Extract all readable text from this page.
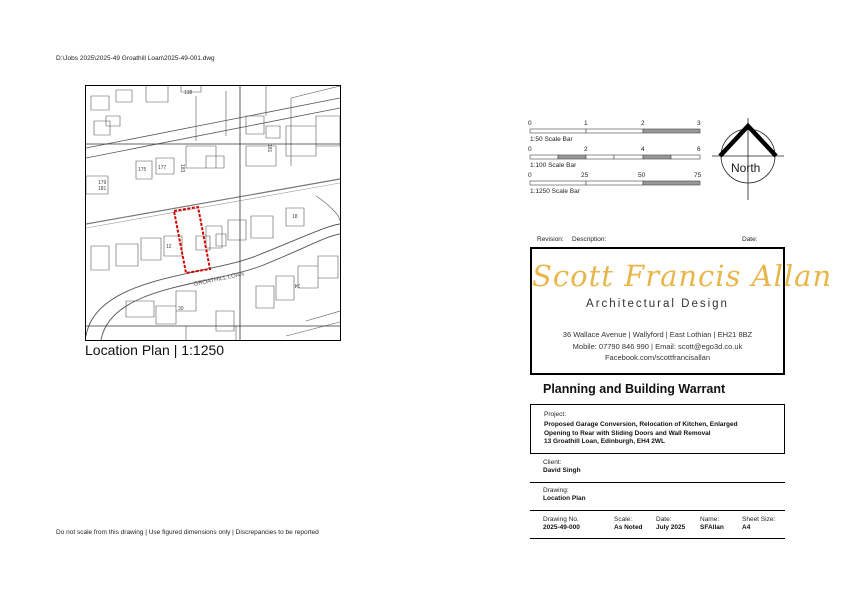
D:\Jobs 2025\2025-49 Groathill Loan\2025-49-001.dwg
GROATHILL LOAN
138
181
183
175 177
179
181
12
18
24
30
Location Plan | 1:1250
0	1	2	3
1:50 Scale Bar
0	2	4	6
1:100 Scale Bar
0	25	50	75
1:1250 Scale Bar
North
Revision: Description:	Date:
Scott Francis Allan
Architectural Design
36 Wallace Avenue | Wallyford | East Lothian | EH21 8BZ
Mobile: 07790 846 990 | Email: scott@ego3d.co.uk
Facebook.com/scottfrancisallan
Planning and Building Warrant
Project:
Proposed Garage Conversion, Relocation of Kitchen, Enlarged
Opening to Rear with Sliding Doors and Wall Removal
13 Groathill Loan, Edinburgh, EH4 2WL
Client:
David Singh
Drawing:
Location Plan
Drawing No.
2025-49-000
Scale:
As Noted
Date:
July 2025
Name:
SFAllan
Sheet Size:
A4
Do not scale from this drawing | Use figured dimensions only | Discrepancies to be reported
